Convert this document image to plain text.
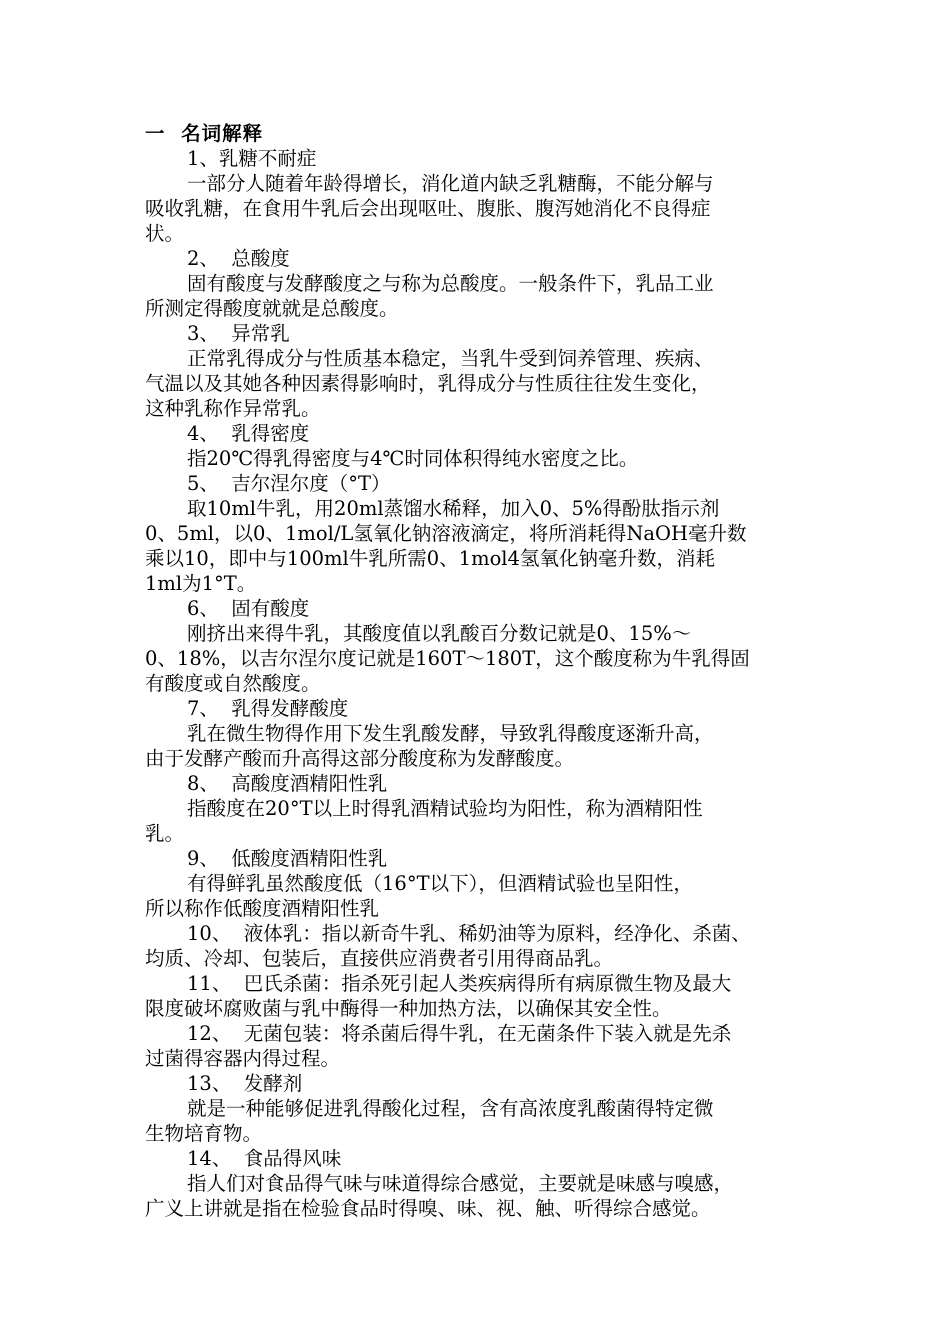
一  名词解释
1、乳糖不耐症
一部分人随着年龄得增长，消化道内缺乏乳糖酶，不能分解与
吸收乳糖，在食用牛乳后会出现呕吐、腹胀、腹泻她消化不良得症
状。
2、  总酸度
固有酸度与发酵酸度之与称为总酸度。一般条件下，乳品工业
所测定得酸度就就是总酸度。
3、  异常乳
正常乳得成分与性质基本稳定，当乳牛受到饲养管理、疾病、
气温以及其她各种因素得影响时，乳得成分与性质往往发生变化，
这种乳称作异常乳。
4、  乳得密度
指20℃得乳得密度与4℃时同体积得纯水密度之比。
5、  吉尔涅尔度（°T）
取10ml牛乳，用20ml蒸馏水稀释，加入0、5%得酚肽指示剂
0、5ml，以0、1mol/L氢氧化钠溶液滴定，将所消耗得NaOH毫升数
乘以10，即中与100ml牛乳所需0、1mol4氢氧化钠毫升数，消耗
1ml为1°T。
6、  固有酸度
刚挤出来得牛乳，其酸度值以乳酸百分数记就是0、15%～
0、18%，以吉尔涅尔度记就是160T～180T，这个酸度称为牛乳得固
有酸度或自然酸度。
7、  乳得发酵酸度
乳在微生物得作用下发生乳酸发酵，导致乳得酸度逐渐升高，
由于发酵产酸而升高得这部分酸度称为发酵酸度。
8、  高酸度酒精阳性乳
指酸度在20°T以上时得乳酒精试验均为阳性，称为酒精阳性
乳。
9、  低酸度酒精阳性乳
有得鲜乳虽然酸度低（16°T以下），但酒精试验也呈阳性，
所以称作低酸度酒精阳性乳
10、  液体乳：指以新奇牛乳、稀奶油等为原料，经净化、杀菌、
均质、冷却、包装后，直接供应消费者引用得商品乳。
11、  巴氏杀菌：指杀死引起人类疾病得所有病原微生物及最大
限度破坏腐败菌与乳中酶得一种加热方法，以确保其安全性。
12、  无菌包装：将杀菌后得牛乳，在无菌条件下装入就是先杀
过菌得容器内得过程。
13、  发酵剂
就是一种能够促进乳得酸化过程，含有高浓度乳酸菌得特定微
生物培育物。
14、  食品得风味
指人们对食品得气味与味道得综合感觉，主要就是味感与嗅感，
广义上讲就是指在检验食品时得嗅、味、视、触、听得综合感觉。
